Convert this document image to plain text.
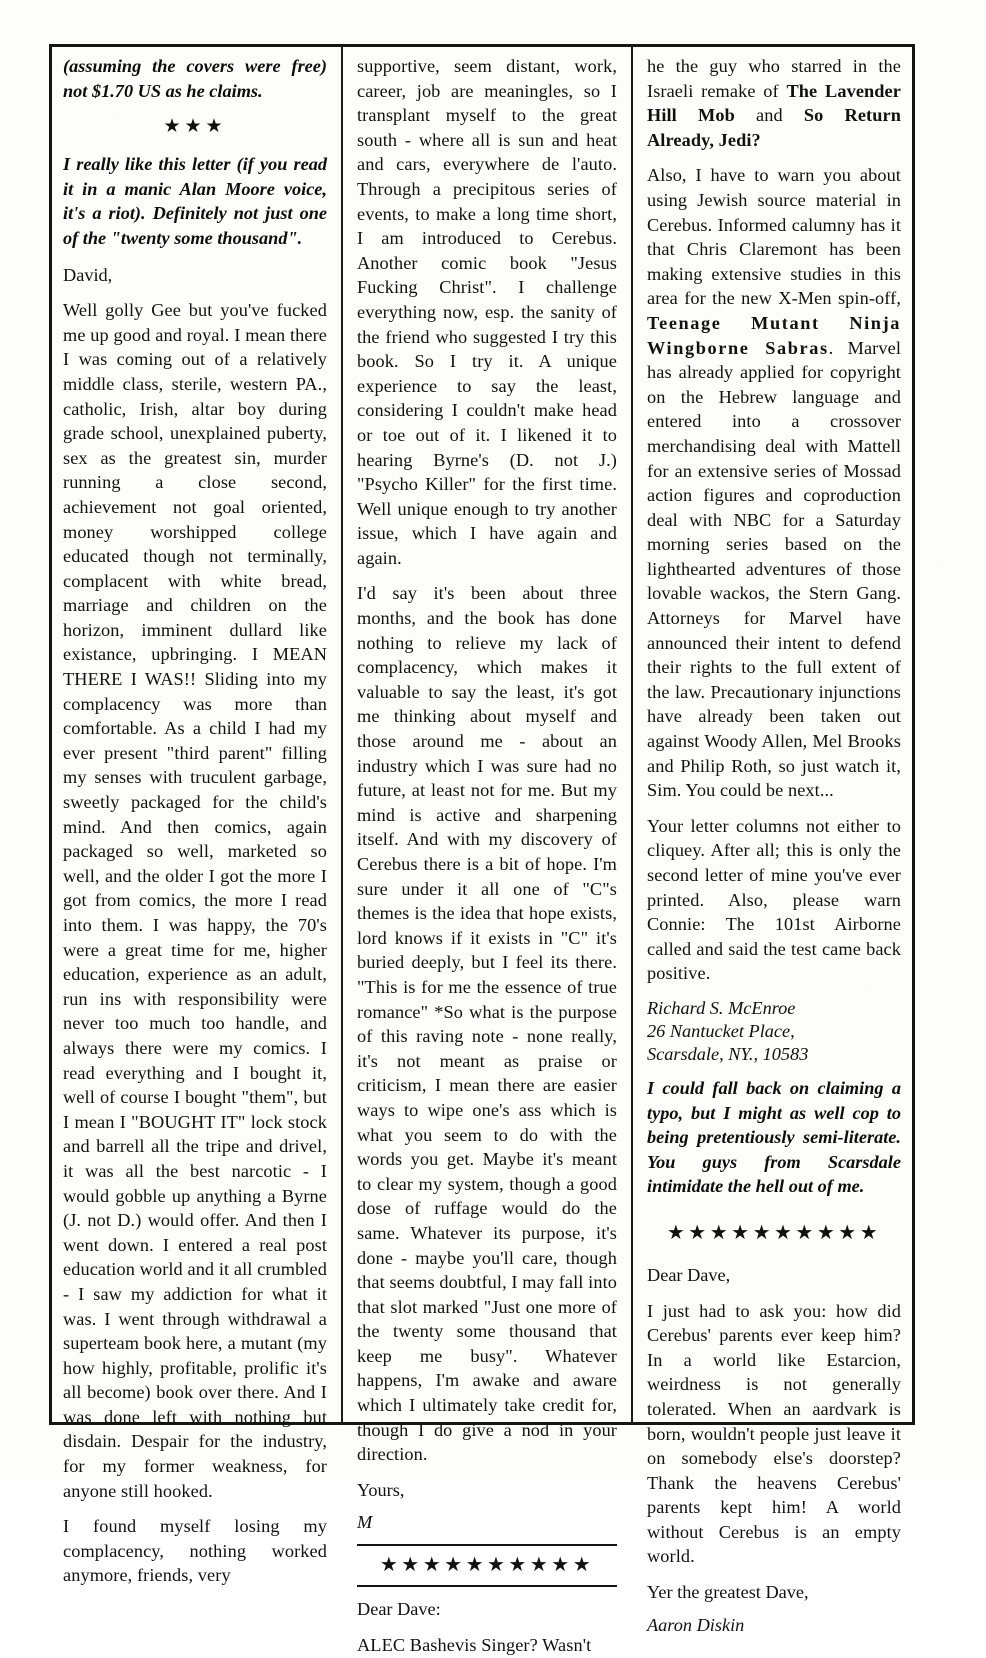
(assuming the covers were free) not $1.70 US as he claims.

★★★

I really like this letter (if you read it in a manic Alan Moore voice, it's a riot). Definitely not just one of the "twenty some thousand".

David,

Well golly Gee but you've fucked me up good and royal. I mean there I was coming out of a relatively middle class, sterile, western PA., catholic, Irish, altar boy during grade school, unexplained puberty, sex as the greatest sin, murder running a close second, achievement not goal oriented, money worshipped college educated though not terminally, complacent with white bread, marriage and children on the horizon, imminent dullard like existance, upbringing. I MEAN THERE I WAS!! Sliding into my complacency was more than comfortable. As a child I had my ever present "third parent" filling my senses with truculent garbage, sweetly packaged for the child's mind. And then comics, again packaged so well, marketed so well, and the older I got the more I got from comics, the more I read into them. I was happy, the 70's were a great time for me, higher education, experience as an adult, run ins with responsibility were never too much too handle, and always there were my comics. I read everything and I bought it, well of course I bought "them", but I mean I "BOUGHT IT" lock stock and barrell all the tripe and drivel, it was all the best narcotic - I would gobble up anything a Byrne (J. not D.) would offer. And then I went down. I entered a real post education world and it all crumbled - I saw my addiction for what it was. I went through withdrawal a superteam book here, a mutant (my how highly, profitable, prolific it's all become) book over there. And I was done left with nothing but disdain. Despair for the industry, for my former weakness, for anyone still hooked.

I found myself losing my complacency, nothing worked anymore, friends, very

supportive, seem distant, work, career, job are meaningles, so I transplant myself to the great south - where all is sun and heat and cars, everywhere de l'auto. Through a precipitous series of events, to make a long time short, I am introduced to Cerebus. Another comic book "Jesus Fucking Christ". I challenge everything now, esp. the sanity of the friend who suggested I try this book. So I try it. A unique experience to say the least, considering I couldn't make head or toe out of it. I likened it to hearing Byrne's (D. not J.) "Psycho Killer" for the first time. Well unique enough to try another issue, which I have again and again.

I'd say it's been about three months, and the book has done nothing to relieve my lack of complacency, which makes it valuable to say the least, it's got me thinking about myself and those around me - about an industry which I was sure had no future, at least not for me. But my mind is active and sharpening itself. And with my discovery of Cerebus there is a bit of hope. I'm sure under it all one of "C"s themes is the idea that hope exists, lord knows if it exists in "C" it's buried deeply, but I feel its there. "This is for me the essence of true romance" *So what is the purpose of this raving note - none really, it's not meant as praise or criticism, I mean there are easier ways to wipe one's ass which is what you seem to do with the words you get. Maybe it's meant to clear my system, though a good dose of ruffage would do the same. Whatever its purpose, it's done - maybe you'll care, though that seems doubtful, I may fall into that slot marked "Just one more of the twenty some thousand that keep me busy". Whatever happens, I'm awake and aware which I ultimately take credit for, though I do give a nod in your direction.

Yours,

M

★★★★★★★★★★

Dear Dave:

ALEC Bashevis Singer? Wasn't

he the guy who starred in the Israeli remake of The Lavender Hill Mob and So Return Already, Jedi?

Also, I have to warn you about using Jewish source material in Cerebus. Informed calumny has it that Chris Claremont has been making extensive studies in this area for the new X-Men spin-off, Teenage Mutant Ninja Wingborne Sabras. Marvel has already applied for copyright on the Hebrew language and entered into a crossover merchandising deal with Mattell for an extensive series of Mossad action figures and coproduction deal with NBC for a Saturday morning series based on the lighthearted adventures of those lovable wackos, the Stern Gang. Attorneys for Marvel have announced their intent to defend their rights to the full extent of the law. Precautionary injunctions have already been taken out against Woody Allen, Mel Brooks and Philip Roth, so just watch it, Sim. You could be next...

Your letter columns not either to cliquey. After all; this is only the second letter of mine you've ever printed. Also, please warn Connie: The 101st Airborne called and said the test came back positive.

Richard S. McEnroe
26 Nantucket Place,
Scarsdale, NY., 10583

I could fall back on claiming a typo, but I might as well cop to being pretentiously semi-literate. You guys from Scarsdale intimidate the hell out of me.

★★★★★★★★★★

Dear Dave,

I just had to ask you: how did Cerebus' parents ever keep him? In a world like Estarcion, weirdness is not generally tolerated. When an aardvark is born, wouldn't people just leave it on somebody else's doorstep? Thank the heavens Cerebus' parents kept him! A world without Cerebus is an empty world.

Yer the greatest Dave,

Aaron Diskin
